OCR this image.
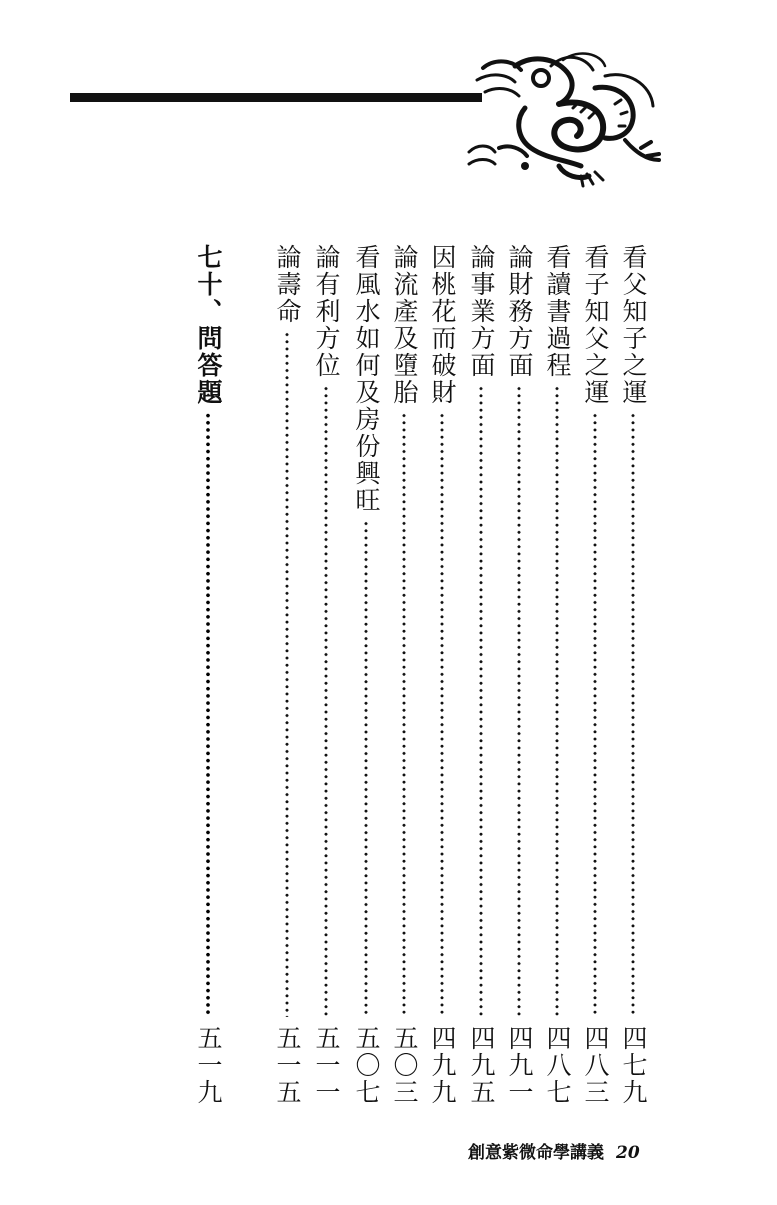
看父知子之運
四七九
看子知父之運
四八三
看讀書過程
四八七
論財務方面
四九一
論事業方面
四九五
因桃花而破財
四九九
論流產及墮胎
五〇三
看風水如何及房份興旺
五〇七
論有利方位
五一一
論壽命
五一五
七十、問答題
五一九
創意紫微命學講義 20
